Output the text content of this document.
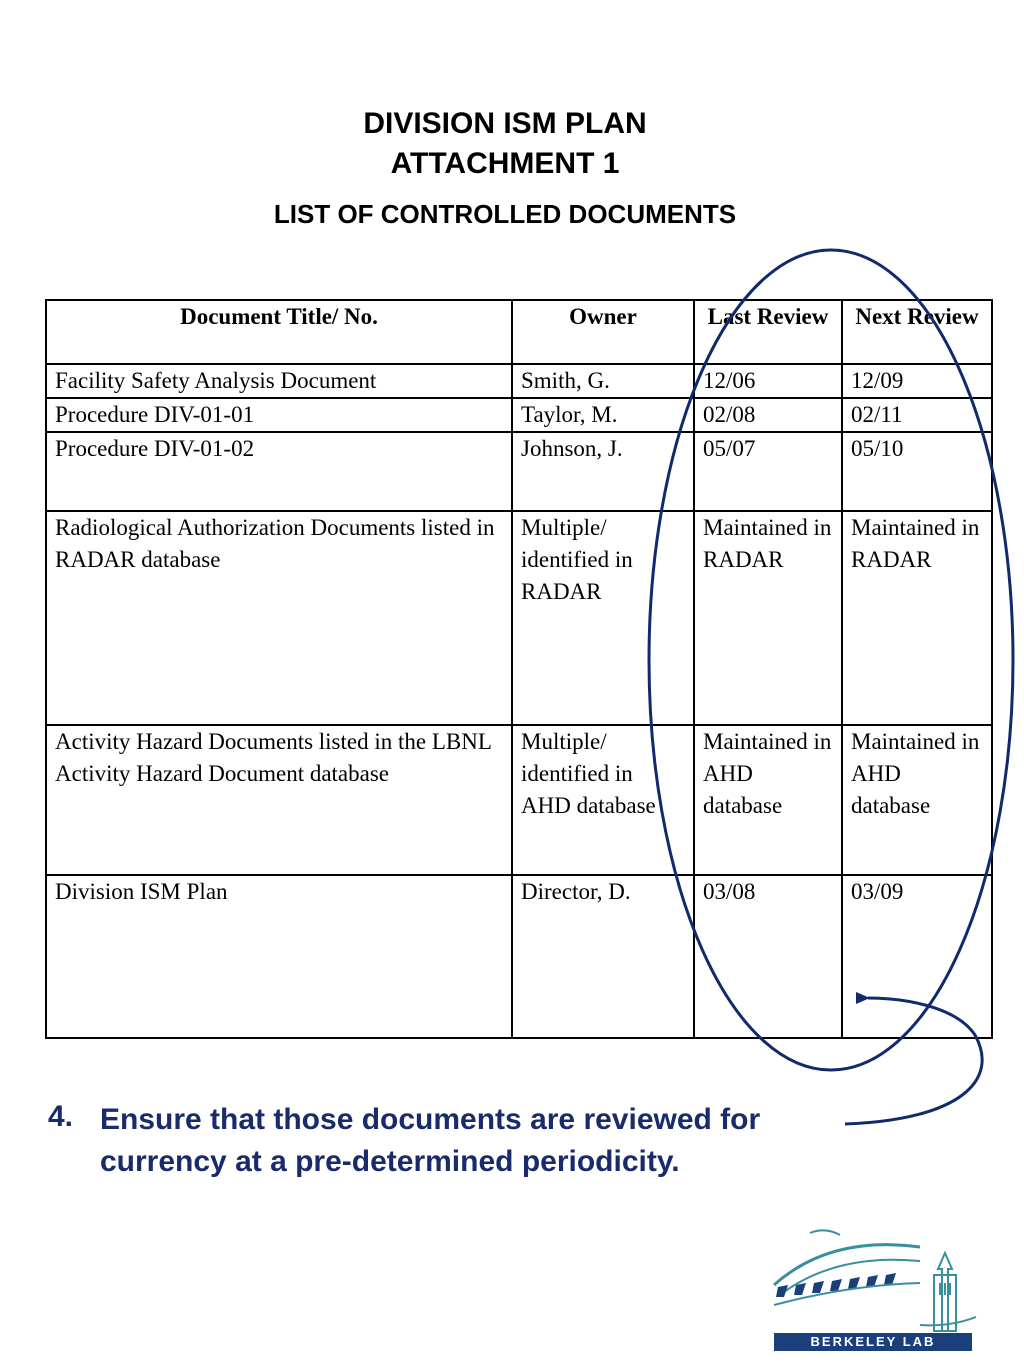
DIVISION ISM PLAN
ATTACHMENT 1
LIST OF CONTROLLED DOCUMENTS
Document Title/ No.	Owner	Last Review	Next Review
Facility Safety Analysis Document	Smith, G.	12/06	12/09
Procedure DIV-01-01	Taylor, M.	02/08	02/11
Procedure DIV-01-02	Johnson, J.	05/07	05/10
Radiological Authorization Documents listed in RADAR database	Multiple/ identified in RADAR	Maintained in RADAR	Maintained in RADAR
Activity Hazard Documents listed in the LBNL Activity Hazard Document database	Multiple/ identified in AHD database	Maintained in AHD database	Maintained in AHD database
Division ISM Plan	Director, D.	03/08	03/09
4. Ensure that those documents are reviewed for currency at a pre-determined periodicity.
BERKELEY LAB
